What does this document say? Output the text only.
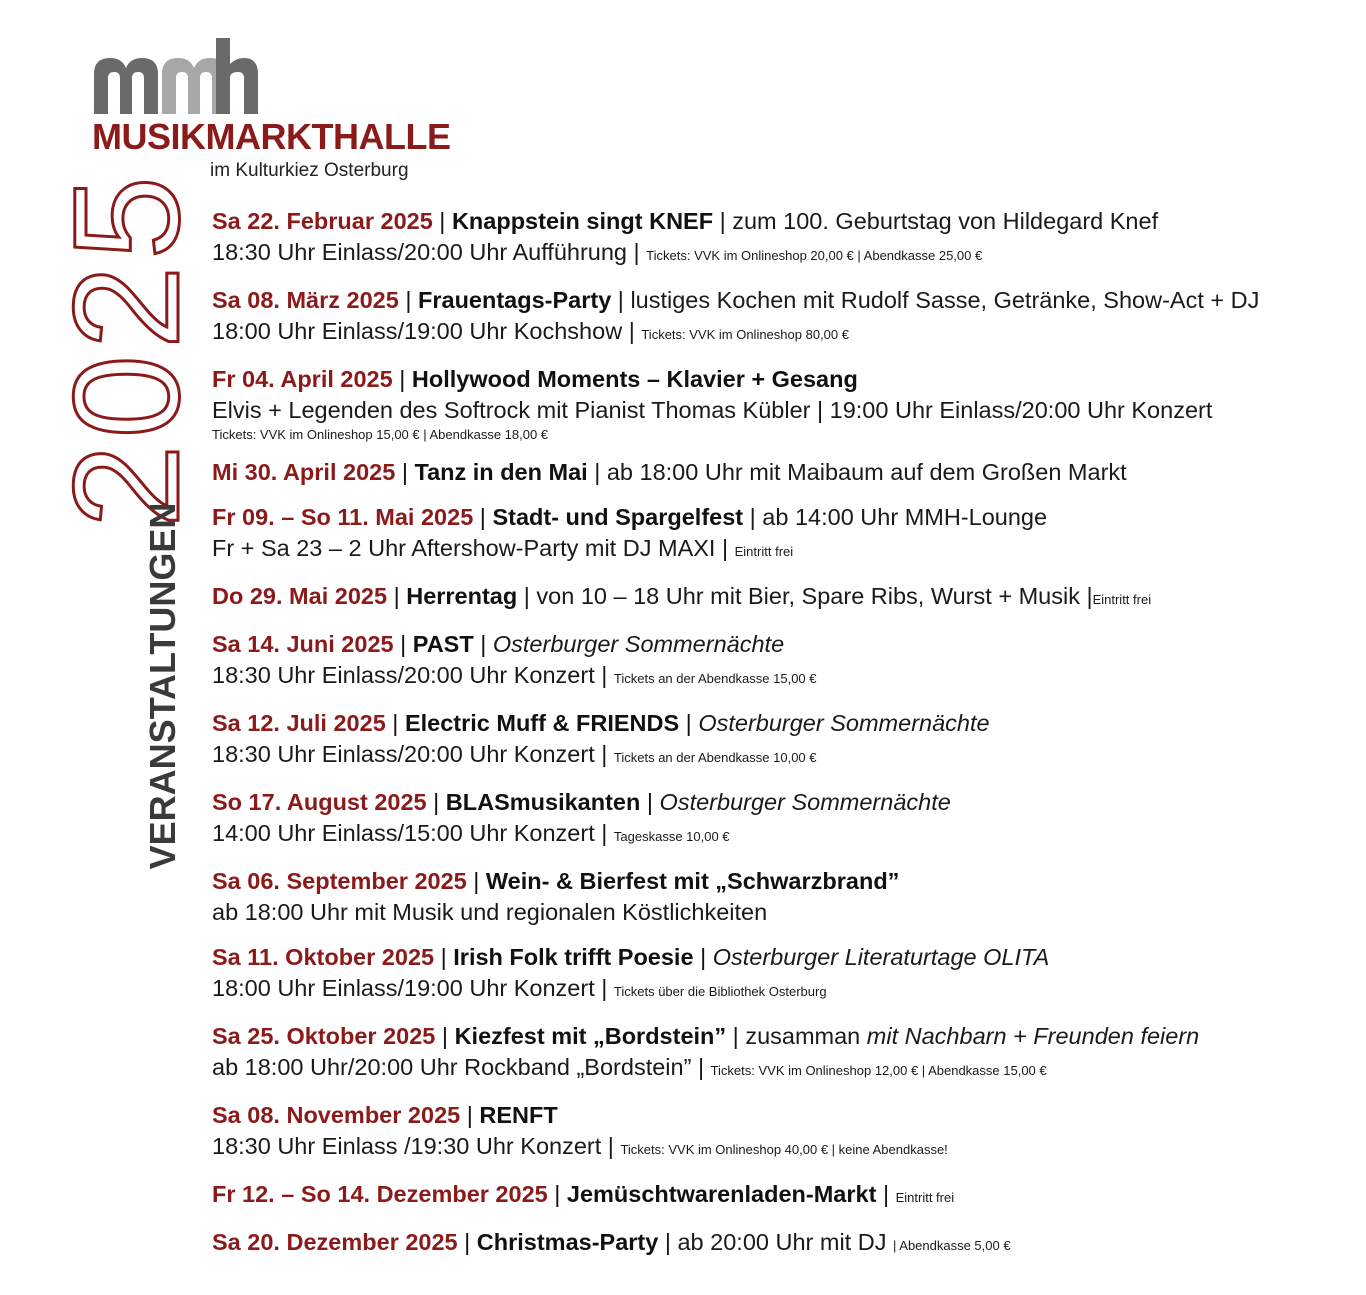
MUSIKMARKTHALLE
im Kulturkiez Osterburg
2025
VERANSTALTUNGEN
Sa 22. Februar 2025 | Knappstein singt KNEF | zum 100. Geburtstag von Hildegard Knef
18:30 Uhr Einlass/20:00 Uhr Aufführung | Tickets: VVK im Onlineshop 20,00 € | Abendkasse 25,00 €
Sa 08. März 2025 | Frauentags-Party | lustiges Kochen mit Rudolf Sasse, Getränke, Show-Act + DJ
18:00 Uhr Einlass/19:00 Uhr Kochshow | Tickets: VVK im Onlineshop 80,00 €
Fr 04. April 2025 | Hollywood Moments – Klavier + Gesang
Elvis + Legenden des Softrock mit Pianist Thomas Kübler | 19:00 Uhr Einlass/20:00 Uhr Konzert
Tickets: VVK im Onlineshop 15,00 € | Abendkasse 18,00 €
Mi 30. April 2025 | Tanz in den Mai | ab 18:00 Uhr mit Maibaum auf dem Großen Markt
Fr 09. – So 11. Mai 2025 | Stadt- und Spargelfest | ab 14:00 Uhr MMH-Lounge
Fr + Sa 23 – 2 Uhr Aftershow-Party mit DJ MAXI | Eintritt frei
Do 29. Mai 2025 | Herrentag | von 10 – 18 Uhr mit Bier, Spare Ribs, Wurst + Musik |Eintritt frei
Sa 14. Juni 2025 | PAST | Osterburger Sommernächte
18:30 Uhr Einlass/20:00 Uhr Konzert | Tickets an der Abendkasse 15,00 €
Sa 12. Juli 2025 | Electric Muff & FRIENDS | Osterburger Sommernächte
18:30 Uhr Einlass/20:00 Uhr Konzert | Tickets an der Abendkasse 10,00 €
So 17. August 2025 | BLASmusikanten | Osterburger Sommernächte
14:00 Uhr Einlass/15:00 Uhr Konzert | Tageskasse 10,00 €
Sa 06. September 2025 | Wein- & Bierfest mit „Schwarzbrand”
ab 18:00 Uhr mit Musik und regionalen Köstlichkeiten
Sa 11. Oktober 2025 | Irish Folk trifft Poesie | Osterburger Literaturtage OLITA
18:00 Uhr Einlass/19:00 Uhr Konzert | Tickets über die Bibliothek Osterburg
Sa 25. Oktober 2025 | Kiezfest mit „Bordstein” | zusamman mit Nachbarn + Freunden feiern
ab 18:00 Uhr/20:00 Uhr Rockband „Bordstein” | Tickets: VVK im Onlineshop 12,00 € | Abendkasse 15,00 €
Sa 08. November 2025 | RENFT
18:30 Uhr Einlass /19:30 Uhr Konzert | Tickets: VVK im Onlineshop 40,00 € | keine Abendkasse!
Fr 12. – So 14. Dezember 2025 | Jemüschtwarenladen-Markt | Eintritt frei
Sa 20. Dezember 2025 | Christmas-Party | ab 20:00 Uhr mit DJ | Abendkasse 5,00 €
